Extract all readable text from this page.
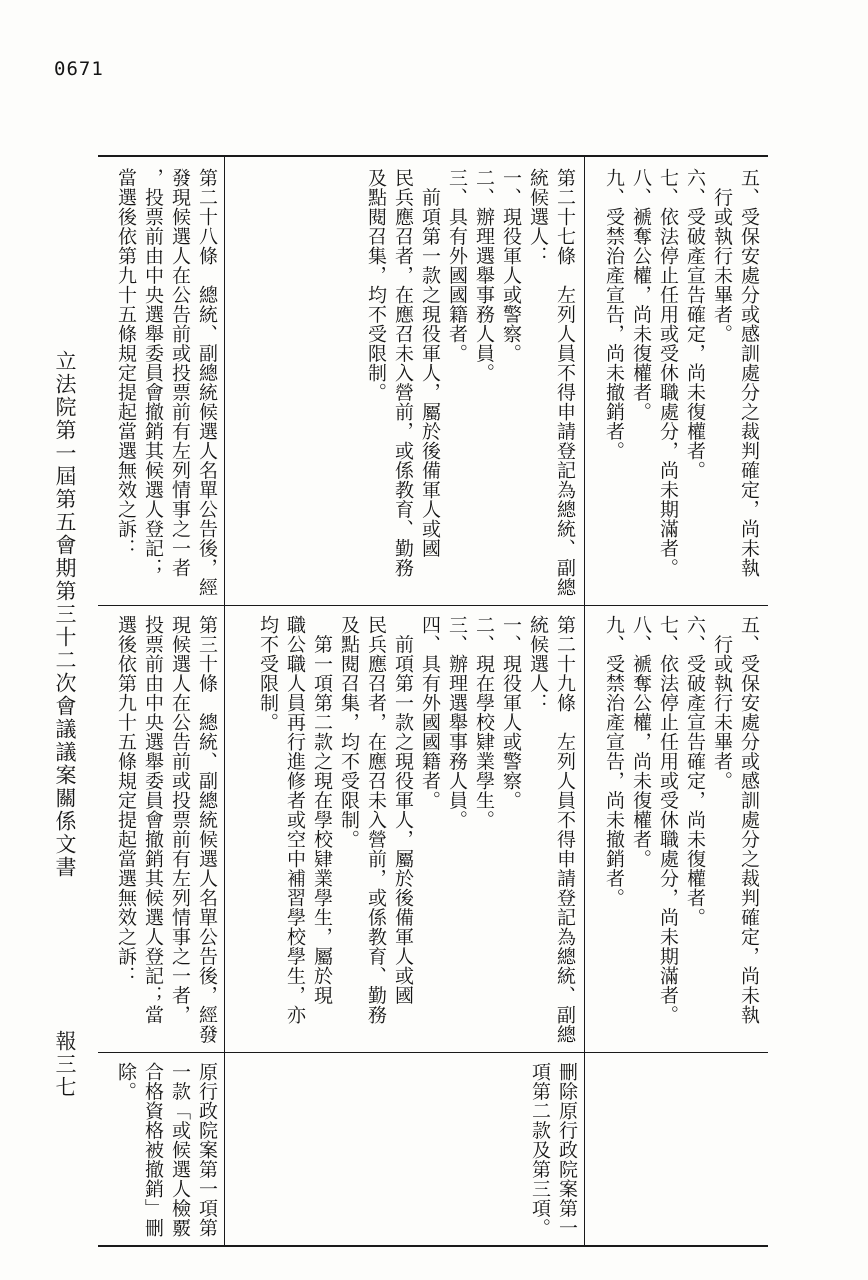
0671

五、受保安處分或感訓處分之裁判確定，尚未執

　行或執行未畢者。

六、受破產宣告確定，尚未復權者。

七、依法停止任用或受休職處分，尚未期滿者。

八、褫奪公權，尚未復權者。

九、受禁治產宣告，尚未撤銷者。

第二十七條　左列人員不得申請登記為總統、副總

統候選人：

一、現役軍人或警察。

二、辦理選舉事務人員。

三、具有外國國籍者。

　前項第一款之現役軍人，屬於後備軍人或國

民兵應召者，在應召未入營前，或係教育、勤務

及點閱召集，均不受限制。

第二十八條　總統、副總統候選人名單公告後，經

發現候選人在公告前或投票前有左列情事之一者

，投票前由中央選舉委員會撤銷其候選人登記；

當選後依第九十五條規定提起當選無效之訴：

五、受保安處分或感訓處分之裁判確定，尚未執

　行或執行未畢者。

六、受破產宣告確定，尚未復權者。

七、依法停止任用或受休職處分，尚未期滿者。

八、褫奪公權，尚未復權者。

九、受禁治產宣告，尚未撤銷者。

第二十九條　左列人員不得申請登記為總統、副總

統候選人：

一、現役軍人或警察。

二、現在學校肄業學生。

三、辦理選舉事務人員。

四、具有外國國籍者。

　前項第一款之現役軍人，屬於後備軍人或國

民兵應召者，在應召未入營前，或係教育、勤務

及點閱召集，均不受限制。

　第一項第二款之現在學校肄業學生，屬於現

職公職人員再行進修者或空中補習學校學生，亦

均不受限制。

第三十條　總統、副總統候選人名單公告後，經發

現候選人在公告前或投票前有左列情事之一者，

投票前由中央選舉委員會撤銷其候選人登記；當

選後依第九十五條規定提起當選無效之訴：

刪除原行政院案第一

項第二款及第三項。

原行政院案第一項第

一款「或候選人檢覈

合格資格被撤銷」刪

除。

立法院第一屆第五會期第三十二次會議議案關係文書
報三七
